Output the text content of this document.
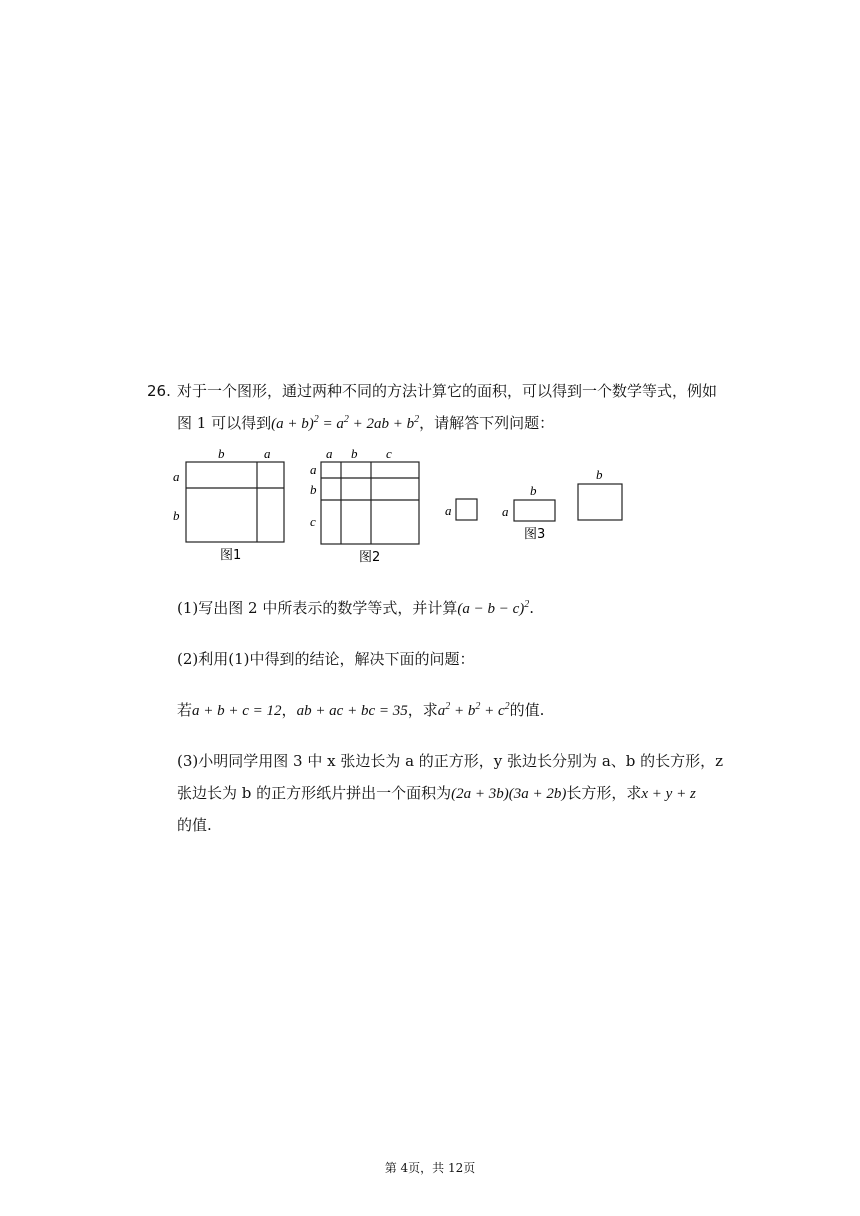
26. 对于一个图形，通过两种不同的方法计算它的面积，可以得到一个数学等式，例如
图 1 可以得到$(a + b)^2 = a^2 + 2ab + b^2$，请解答下列问题：
b	a
a
b
图1
a b c
a
b
c
图2
a	a
b
b
图3
(1)写出图 2 中所表示的数学等式，并计算$(a - b - c)^2$.
(2)利用(1)中得到的结论，解决下面的问题：
若a + b + c = 12，ab + ac + bc = 35，求$a^2 + b^2 + c^2$的值.
(3)小明同学用图 3 中 x 张边长为 a 的正方形，y 张边长分别为 a、b 的长方形，z
张边长为 b 的正方形纸片拼出一个面积为(2a + 3b)(3a + 2b)长方形，求x + y + z
的值.
第 4页，共 12页
